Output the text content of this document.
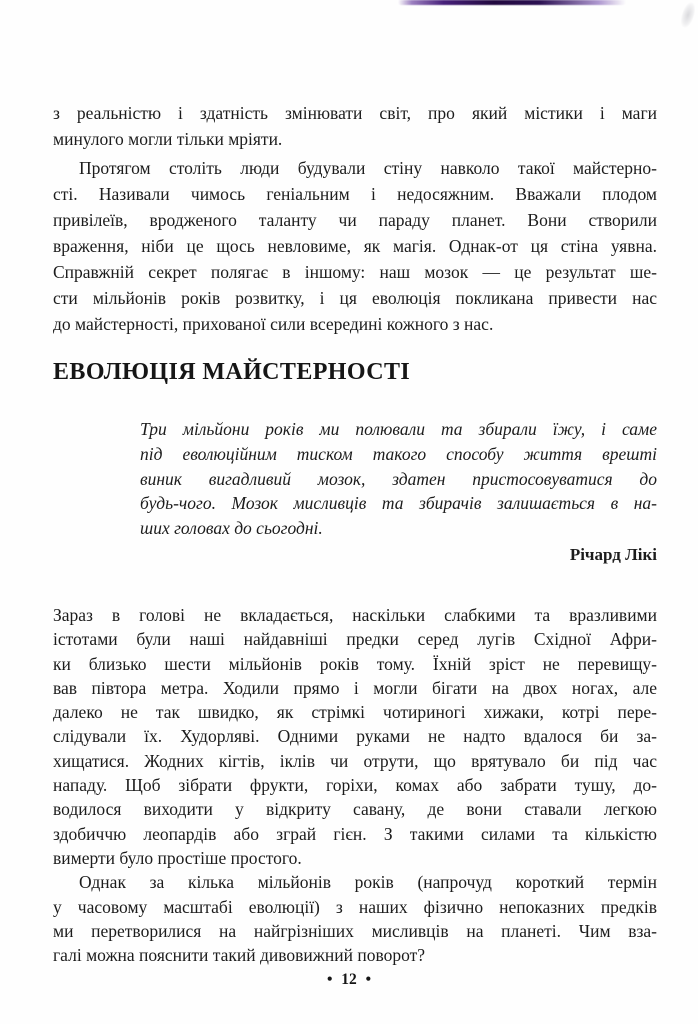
з реальністю і здатність змінювати світ, про який містики і маги
минулого могли тільки мріяти.
Протягом століть люди будували стіну навколо такої майстерно-
сті. Називали чимось геніальним і недосяжним. Вважали плодом
привілеїв, вродженого таланту чи параду планет. Вони створили
враження, ніби це щось невловиме, як магія. Однак-от ця стіна уявна.
Справжній секрет полягає в іншому: наш мозок — це результат ше-
сти мільйонів років розвитку, і ця еволюція покликана привести нас
до майстерності, прихованої сили всередині кожного з нас.
ЕВОЛЮЦІЯ МАЙСТЕРНОСТІ
Три мільйони років ми полювали та збирали їжу, і саме
під еволюційним тиском такого способу життя врешті
виник вигадливий мозок, здатен пристосовуватися до
будь-чого. Мозок мисливців та збирачів залишається в на-
ших головах до сьогодні.
Річард Лікі
Зараз в голові не вкладається, наскільки слабкими та вразливими
істотами були наші найдавніші предки серед лугів Східної Афри-
ки близько шести мільйонів років тому. Їхній зріст не перевищу-
вав півтора метра. Ходили прямо і могли бігати на двох ногах, але
далеко не так швидко, як стрімкі чотириногі хижаки, котрі пере-
слідували їх. Худорляві. Одними руками не надто вдалося би за-
хищатися. Жодних кігтів, іклів чи отрути, що врятувало би під час
нападу. Щоб зібрати фрукти, горіхи, комах або забрати тушу, до-
водилося виходити у відкриту савану, де вони ставали легкою
здобиччю леопардів або зграй гієн. З такими силами та кількістю
вимерти було простіше простого.
Однак за кілька мільйонів років (напрочуд короткий термін
у часовому масштабі еволюції) з наших фізично непоказних предків
ми перетворилися на найгрізніших мисливців на планеті. Чим вза-
галі можна пояснити такий дивовижний поворот?
• 12 •
